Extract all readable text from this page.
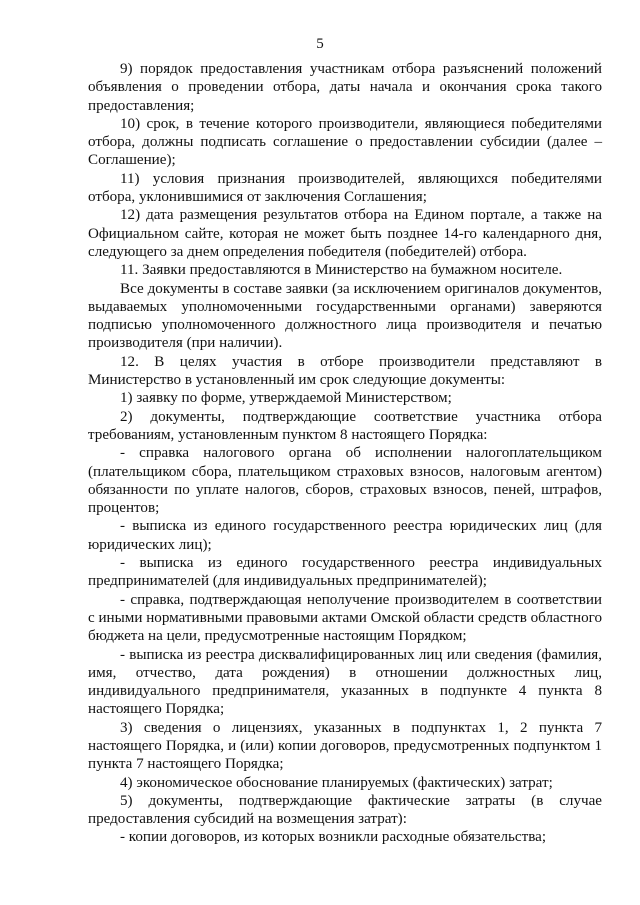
5

9) порядок предоставления участникам отбора разъяснений положений объявления о проведении отбора, даты начала и окончания срока такого предоставления;

10) срок, в течение которого производители, являющиеся победителями отбора, должны подписать соглашение о предоставлении субсидии (далее – Соглашение);

11) условия признания производителей, являющихся победителями отбора, уклонившимися от заключения Соглашения;

12) дата размещения результатов отбора на Едином портале, а также на Официальном сайте, которая не может быть позднее 14-го календарного дня, следующего за днем определения победителя (победителей) отбора.

11. Заявки предоставляются в Министерство на бумажном носителе.

Все документы в составе заявки (за исключением оригиналов документов, выдаваемых уполномоченными государственными органами) заверяются подписью уполномоченного должностного лица производителя и печатью производителя (при наличии).

12. В целях участия в отборе производители представляют в Министерство в установленный им срок следующие документы:

1) заявку по форме, утверждаемой Министерством;

2) документы, подтверждающие соответствие участника отбора требованиям, установленным пунктом 8 настоящего Порядка:

- справка налогового органа об исполнении налогоплательщиком (плательщиком сбора, плательщиком страховых взносов, налоговым агентом) обязанности по уплате налогов, сборов, страховых взносов, пеней, штрафов, процентов;

- выписка из единого государственного реестра юридических лиц (для юридических лиц);

- выписка из единого государственного реестра индивидуальных предпринимателей (для индивидуальных предпринимателей);

- справка, подтверждающая неполучение производителем в соответствии с иными нормативными правовыми актами Омской области средств областного бюджета на цели, предусмотренные настоящим Порядком;

- выписка из реестра дисквалифицированных лиц или сведения (фамилия, имя, отчество, дата рождения) в отношении должностных лиц, индивидуального предпринимателя, указанных в подпункте 4 пункта 8 настоящего Порядка;

3) сведения о лицензиях, указанных в подпунктах 1, 2 пункта 7 настоящего Порядка, и (или) копии договоров, предусмотренных подпунктом 1 пункта 7 настоящего Порядка;

4) экономическое обоснование планируемых (фактических) затрат;

5) документы, подтверждающие фактические затраты (в случае предоставления субсидий на возмещения затрат):

- копии договоров, из которых возникли расходные обязательства;
